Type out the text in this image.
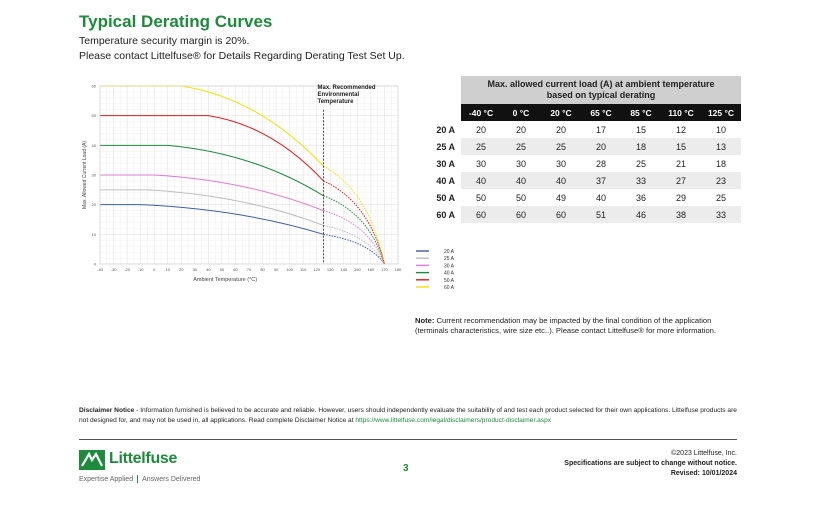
Typical Derating Curves
Temperature security margin is 20%.
Please contact Littelfuse® for Details Regarding Derating Test Set Up.
-40 -30 -20 -10 0	10 20 30 40 50 60 70 80 90 100 110 120 130 140 150 160 170 180
0
10
20
30
40
50
60	Max. Recommended Environmental Temperature
Ambient Temperature (°C)
Max. Allowed Current Load (A)
20 A
25 A
30 A
40 A
50 A
60 A
	Max. allowed current load (A) at ambient temperature
based on typical derating						
	-40 °C	0 °C	20 °C	65 °C	85 °C	110 °C	125 °C
20 A	20	20	20	17	15	12	10
25 A	25	25	25	20	18	15	13
30 A	30	30	30	28	25	21	18
40 A	40	40	40	37	33	27	23
50 A	50	50	49	40	36	29	25
60 A	60	60	60	51	46	38	33
Note: Current recommendation may be impacted by the final condition of the application (terminals characteristics, wire size etc..). Please contact Littelfuse® for more information.
Disclaimer Notice - Information furnished is believed to be accurate and reliable. However, users should independently evaluate the suitability of and test each product selected for their own applications. Littelfuse products are not designed for, and may not be used in, all applications. Read complete Disclaimer Notice at https://www.littelfuse.com/legal/disclaimers/product-disclaimer.aspx
Littelfuse
Expertise Applied Answers Delivered
3
©2023 Littelfuse, Inc.
Specifications are subject to change without notice.
Revised: 10/01/2024
